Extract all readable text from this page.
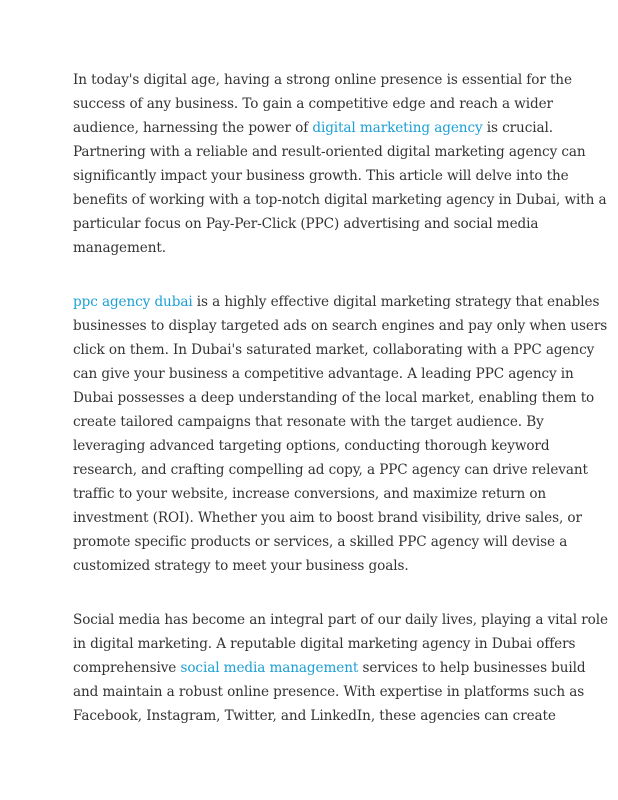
In today's digital age, having a strong online presence is essential for the
success of any business. To gain a competitive edge and reach a wider
audience, harnessing the power of digital marketing agency is crucial.
Partnering with a reliable and result-oriented digital marketing agency can
significantly impact your business growth. This article will delve into the
benefits of working with a top-notch digital marketing agency in Dubai, with a
particular focus on Pay-Per-Click (PPC) advertising and social media
management.
ppc agency dubai is a highly effective digital marketing strategy that enables
businesses to display targeted ads on search engines and pay only when users
click on them. In Dubai's saturated market, collaborating with a PPC agency
can give your business a competitive advantage. A leading PPC agency in
Dubai possesses a deep understanding of the local market, enabling them to
create tailored campaigns that resonate with the target audience. By
leveraging advanced targeting options, conducting thorough keyword
research, and crafting compelling ad copy, a PPC agency can drive relevant
traffic to your website, increase conversions, and maximize return on
investment (ROI). Whether you aim to boost brand visibility, drive sales, or
promote specific products or services, a skilled PPC agency will devise a
customized strategy to meet your business goals.
Social media has become an integral part of our daily lives, playing a vital role
in digital marketing. A reputable digital marketing agency in Dubai offers
comprehensive social media management services to help businesses build
and maintain a robust online presence. With expertise in platforms such as
Facebook, Instagram, Twitter, and LinkedIn, these agencies can create
